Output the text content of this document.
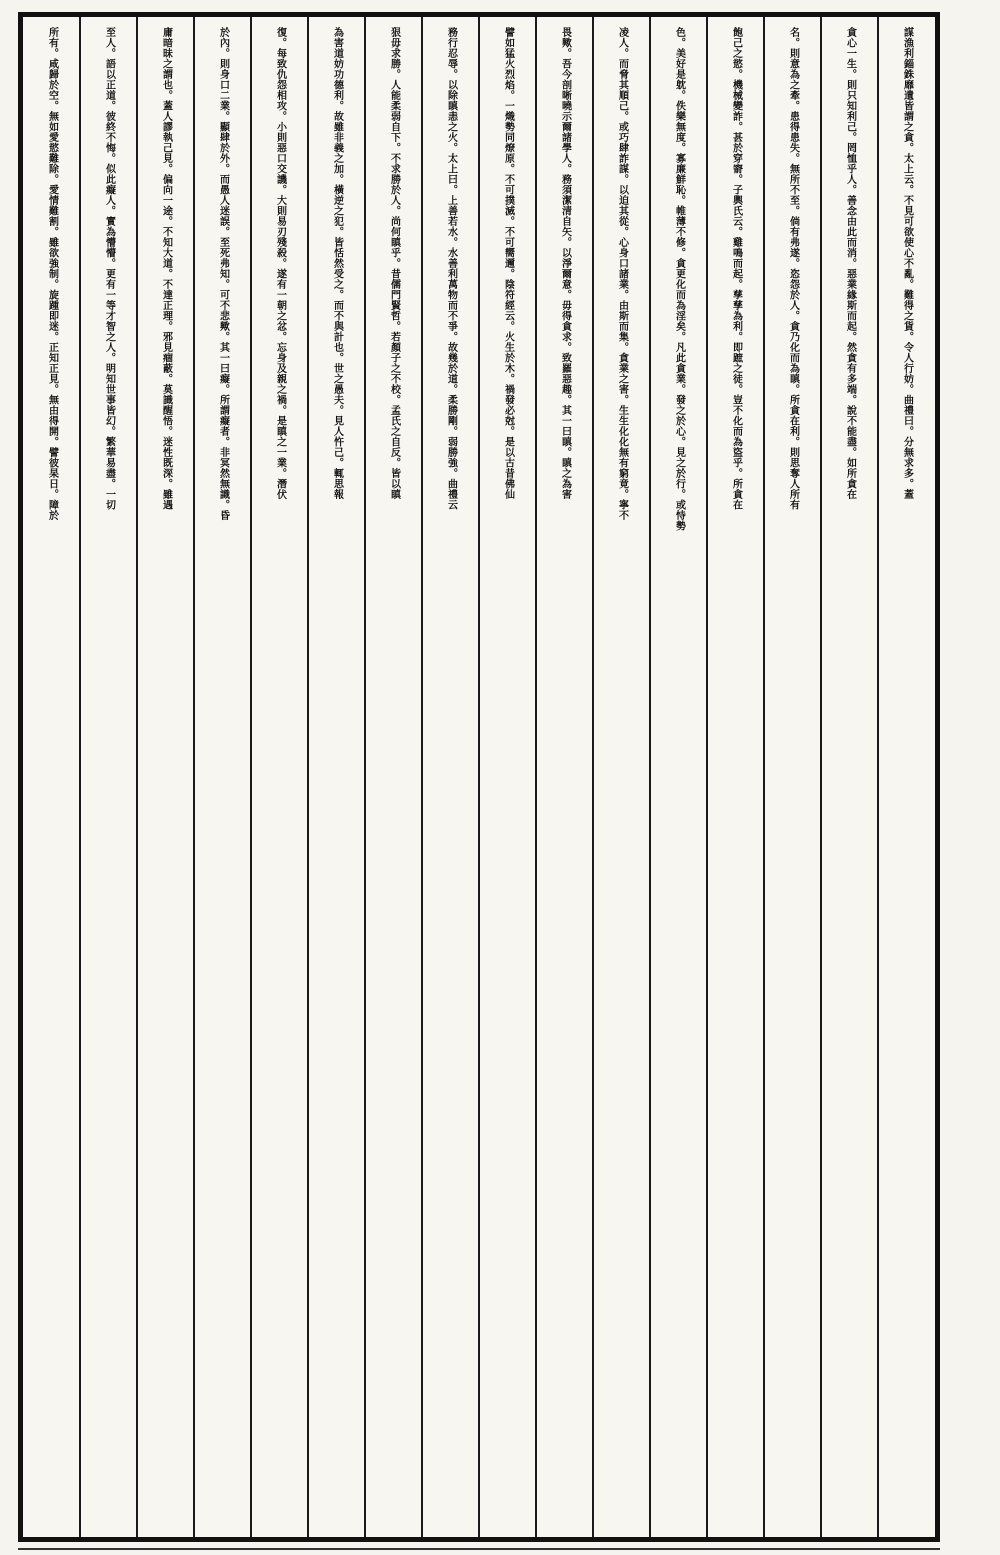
謀漁利錙銖靡遺皆謂之貪。太上云。不見可欲使心不亂。難得之貨。令人行妨。曲禮曰。分無求多。蓋
貪心一生。則只知利己。罔恤乎人。善念由此而消。惡業緣斯而起。然貪有多端。說不能盡。如所貪在
名。則意為之牽。患得患失。無所不至。倘有弗遂。恣怨於人。貪乃化而為瞋。所貪在利。則思奪人所有
飽己之慾。機械變詐。甚於穿窬。子輿氏云。雞鳴而起。孳孳為利。即蹠之徒。豈不化而為盜乎。所貪在
色。美好是躭。佚樂無度。寡廉鮮恥。帷薄不修。貪更化而為淫矣。凡此貪業。發之於心。見之於行。或恃勢
凌人。而脅其順己。或巧肆詐謀。以迫其從。心身口諸業。由斯而集。貪業之害。生生化化無有窮竟。寧不
畏歟。吾今剖晰曉示爾諸學人。務須潔清自矢。以淨爾意。毋得貪求。致羅惡趣。其一曰瞋。瞋之為害
譬如猛火烈焰。一熾勢同燎原。不可撲滅。不可嚮邇。陰符經云。火生於木。禍發必尅。是以古昔佛仙
務行忍辱。以除瞋恚之火。太上曰。上善若水。水善利萬物而不爭。故幾於道。柔勝剛。弱勝強。曲禮云
狠毋求勝。人能柔弱自下。不求勝於人。尚何瞋乎。昔儒門賢哲。若顏子之不校。孟氏之自反。皆以瞋
為害道妨功德利。故雖非義之加。橫逆之犯。皆恬然受之。而不與計也。世之愚夫。見人忤己。輒思報
復。每致仇怨相攻。小則惡口交譏。大則易刃殘殺。遂有一朝之忿。忘身及親之禍。是瞋之一業。潛伏
於內。則身口二業。顯肆於外。而愚人迷誤。至死弗知。可不悲歟。其一曰癡。所謂癡者。非冥然無識。昏
庸暗昧之謂也。蓋人謬執己見。偏向一途。不知大道。不達正理。邪見痼蔽。莫識醒悟。迷性既深。雖遇
至人。語以正道。彼終不悔。似此癡人。實為懵懵。更有一等才智之人。明知世事皆幻。繁華易盡。一切
所有。咸歸於空。無如愛慾難除。愛情難割。雖欲強制。旋踵即迷。正知正見。無由得開。譬彼杲日。障於
